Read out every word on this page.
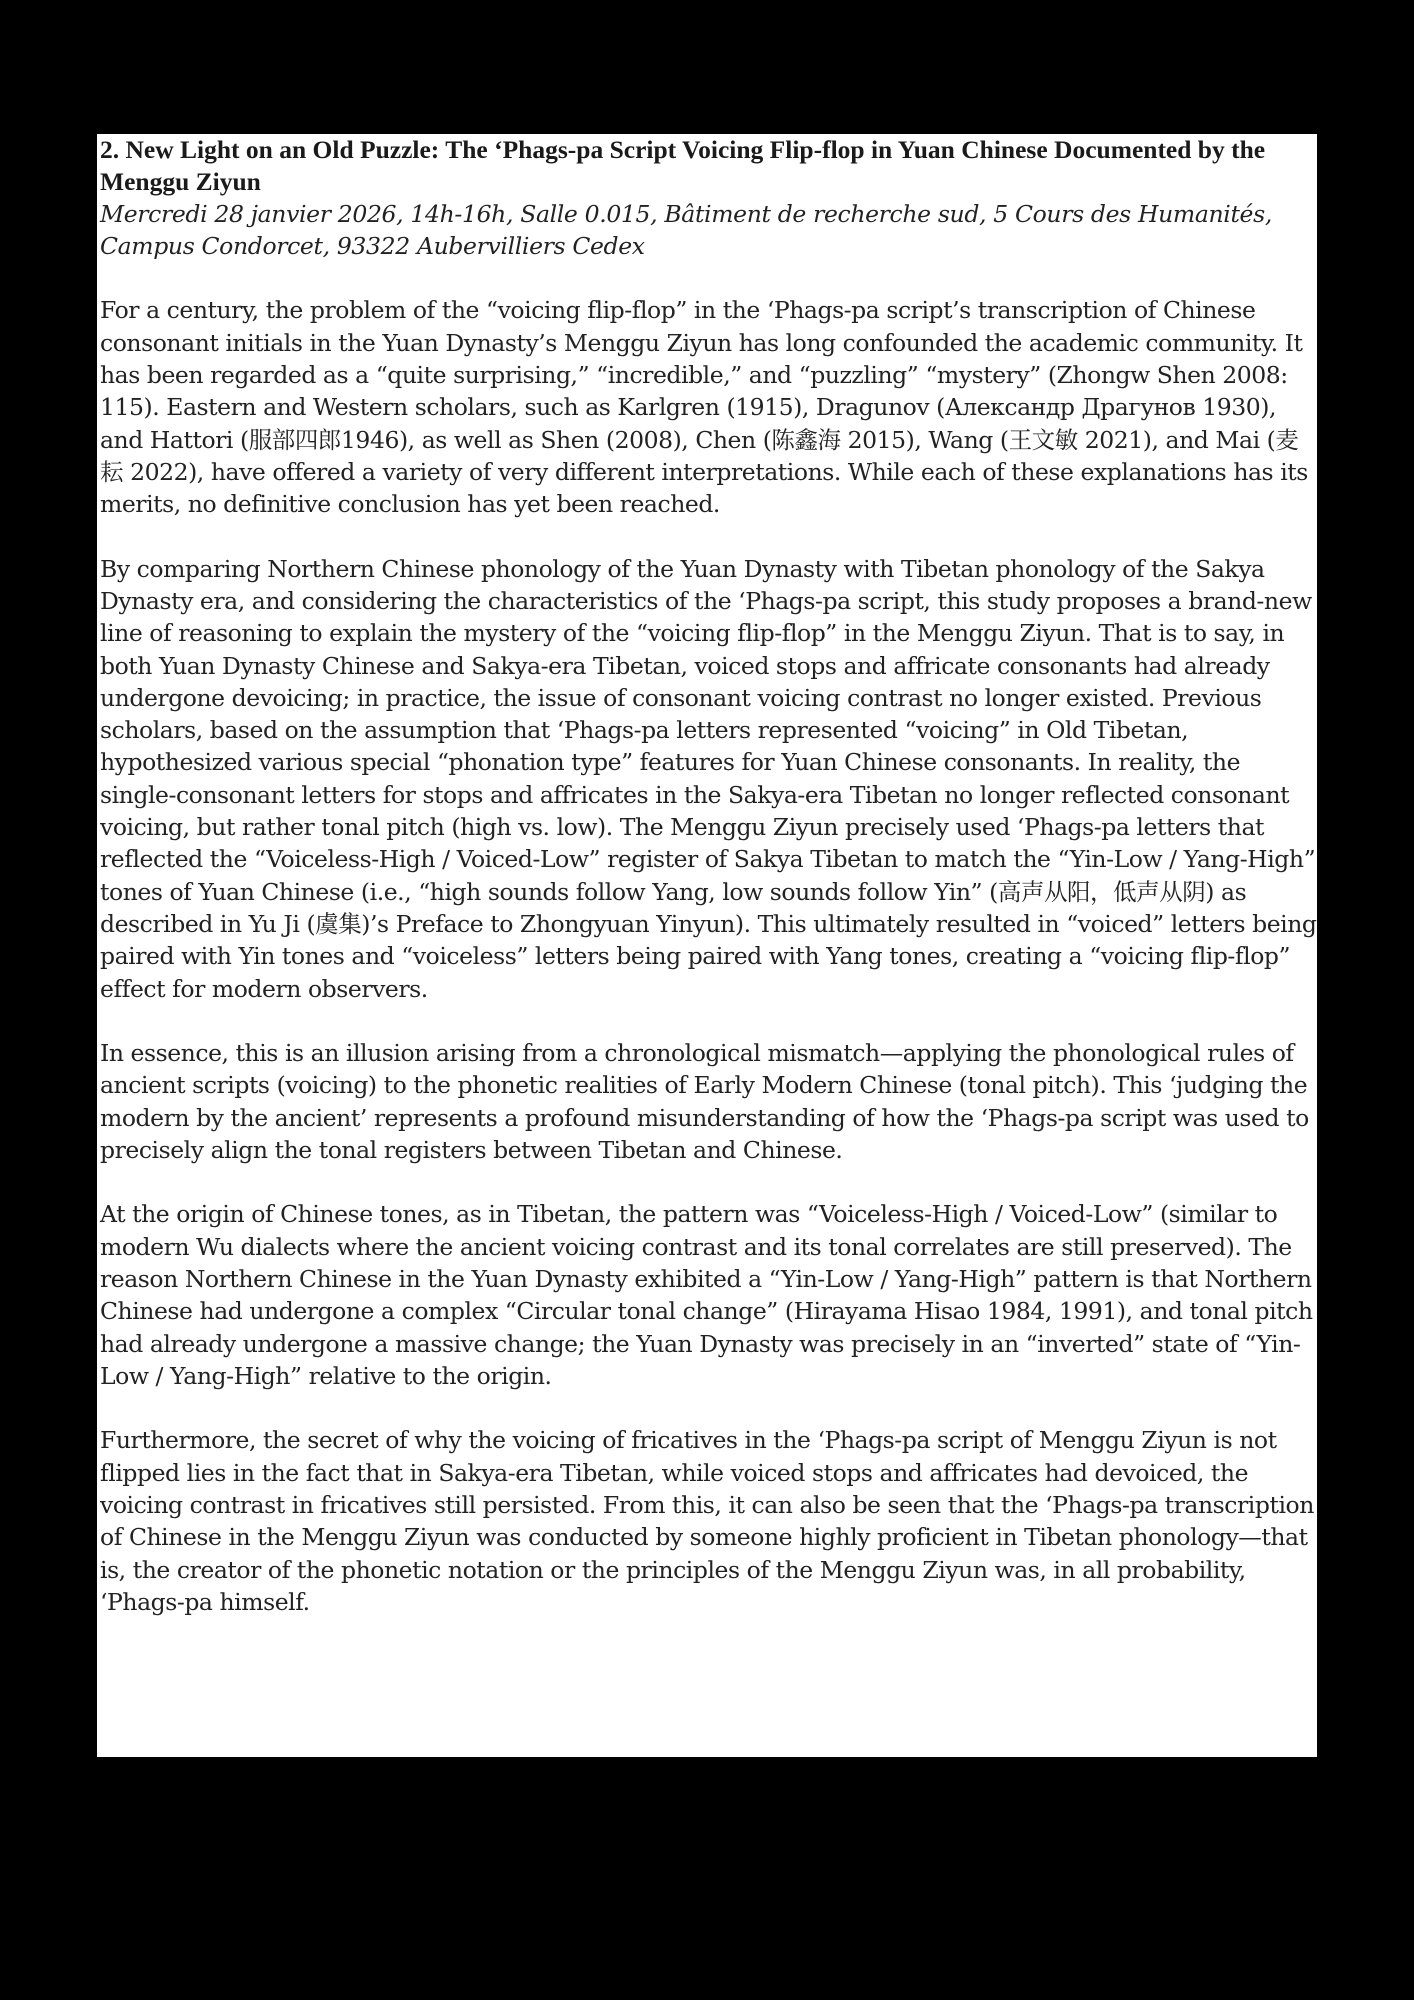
2. New Light on an Old Puzzle: The ‘Phags-pa Script Voicing Flip-flop in Yuan Chinese Documented by the Menggu Ziyun

Mercredi 28 janvier 2026, 14h-16h, Salle 0.015, Bâtiment de recherche sud, 5 Cours des Humanités, Campus Condorcet, 93322 Aubervilliers Cedex

For a century, the problem of the “voicing flip-flop” in the ‘Phags-pa script’s transcription of Chinese consonant initials in the Yuan Dynasty’s Menggu Ziyun has long confounded the academic community. It has been regarded as a “quite surprising,” “incredible,” and “puzzling” “mystery” (Zhongw Shen 2008: 115). Eastern and Western scholars, such as Karlgren (1915), Dragunov (Александр Драгунов 1930), and Hattori (服部四郎1946), as well as Shen (2008), Chen (陈鑫海 2015), Wang (王文敏 2021), and Mai (麦耘 2022), have offered a variety of very different interpretations. While each of these explanations has its merits, no definitive conclusion has yet been reached.

By comparing Northern Chinese phonology of the Yuan Dynasty with Tibetan phonology of the Sakya Dynasty era, and considering the characteristics of the ‘Phags-pa script, this study proposes a brand-new line of reasoning to explain the mystery of the “voicing flip-flop” in the Menggu Ziyun. That is to say, in both Yuan Dynasty Chinese and Sakya-era Tibetan, voiced stops and affricate consonants had already undergone devoicing; in practice, the issue of consonant voicing contrast no longer existed. Previous scholars, based on the assumption that ‘Phags-pa letters represented “voicing” in Old Tibetan, hypothesized various special “phonation type” features for Yuan Chinese consonants. In reality, the single-consonant letters for stops and affricates in the Sakya-era Tibetan no longer reflected consonant voicing, but rather tonal pitch (high vs. low). The Menggu Ziyun precisely used ‘Phags-pa letters that reflected the “Voiceless-High / Voiced-Low” register of Sakya Tibetan to match the “Yin-Low / Yang-High” tones of Yuan Chinese (i.e., “high sounds follow Yang, low sounds follow Yin” (高声从阳，低声从阴) as described in Yu Ji (虞集)’s Preface to Zhongyuan Yinyun). This ultimately resulted in “voiced” letters being paired with Yin tones and “voiceless” letters being paired with Yang tones, creating a “voicing flip-flop” effect for modern observers.

In essence, this is an illusion arising from a chronological mismatch—applying the phonological rules of ancient scripts (voicing) to the phonetic realities of Early Modern Chinese (tonal pitch). This ‘judging the modern by the ancient’ represents a profound misunderstanding of how the ‘Phags-pa script was used to precisely align the tonal registers between Tibetan and Chinese.

At the origin of Chinese tones, as in Tibetan, the pattern was “Voiceless-High / Voiced-Low” (similar to modern Wu dialects where the ancient voicing contrast and its tonal correlates are still preserved). The reason Northern Chinese in the Yuan Dynasty exhibited a “Yin-Low / Yang-High” pattern is that Northern Chinese had undergone a complex “Circular tonal change” (Hirayama Hisao 1984, 1991), and tonal pitch had already undergone a massive change; the Yuan Dynasty was precisely in an “inverted” state of “Yin-Low / Yang-High” relative to the origin.

Furthermore, the secret of why the voicing of fricatives in the ‘Phags-pa script of Menggu Ziyun is not flipped lies in the fact that in Sakya-era Tibetan, while voiced stops and affricates had devoiced, the voicing contrast in fricatives still persisted. From this, it can also be seen that the ‘Phags-pa transcription of Chinese in the Menggu Ziyun was conducted by someone highly proficient in Tibetan phonology—that is, the creator of the phonetic notation or the principles of the Menggu Ziyun was, in all probability, ‘Phags-pa himself.
